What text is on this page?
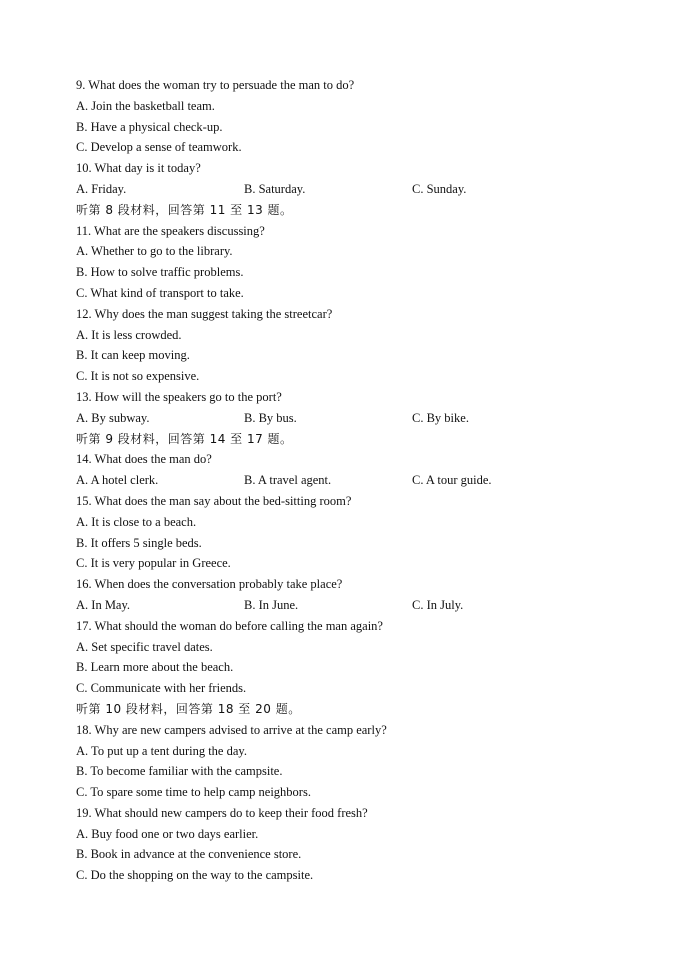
9. What does the woman try to persuade the man to do?
A. Join the basketball team.
B. Have a physical check-up.
C. Develop a sense of teamwork.
10. What day is it today?
A. Friday.	B. Saturday.	C. Sunday.
听第 8 段材料，回答第 11 至 13 题。
11. What are the speakers discussing?
A. Whether to go to the library.
B. How to solve traffic problems.
C. What kind of transport to take.
12. Why does the man suggest taking the streetcar?
A. It is less crowded.
B. It can keep moving.
C. It is not so expensive.
13. How will the speakers go to the port?
A. By subway.	B. By bus.	C. By bike.
听第 9 段材料，回答第 14 至 17 题。
14. What does the man do?
A. A hotel clerk.	B. A travel agent.	C. A tour guide.
15. What does the man say about the bed-sitting room?
A. It is close to a beach.
B. It offers 5 single beds.
C. It is very popular in Greece.
16. When does the conversation probably take place?
A. In May.	B. In June.	C. In July.
17. What should the woman do before calling the man again?
A. Set specific travel dates.
B. Learn more about the beach.
C. Communicate with her friends.
听第 10 段材料，回答第 18 至 20 题。
18. Why are new campers advised to arrive at the camp early?
A. To put up a tent during the day.
B. To become familiar with the campsite.
C. To spare some time to help camp neighbors.
19. What should new campers do to keep their food fresh?
A. Buy food one or two days earlier.
B. Book in advance at the convenience store.
C. Do the shopping on the way to the campsite.
